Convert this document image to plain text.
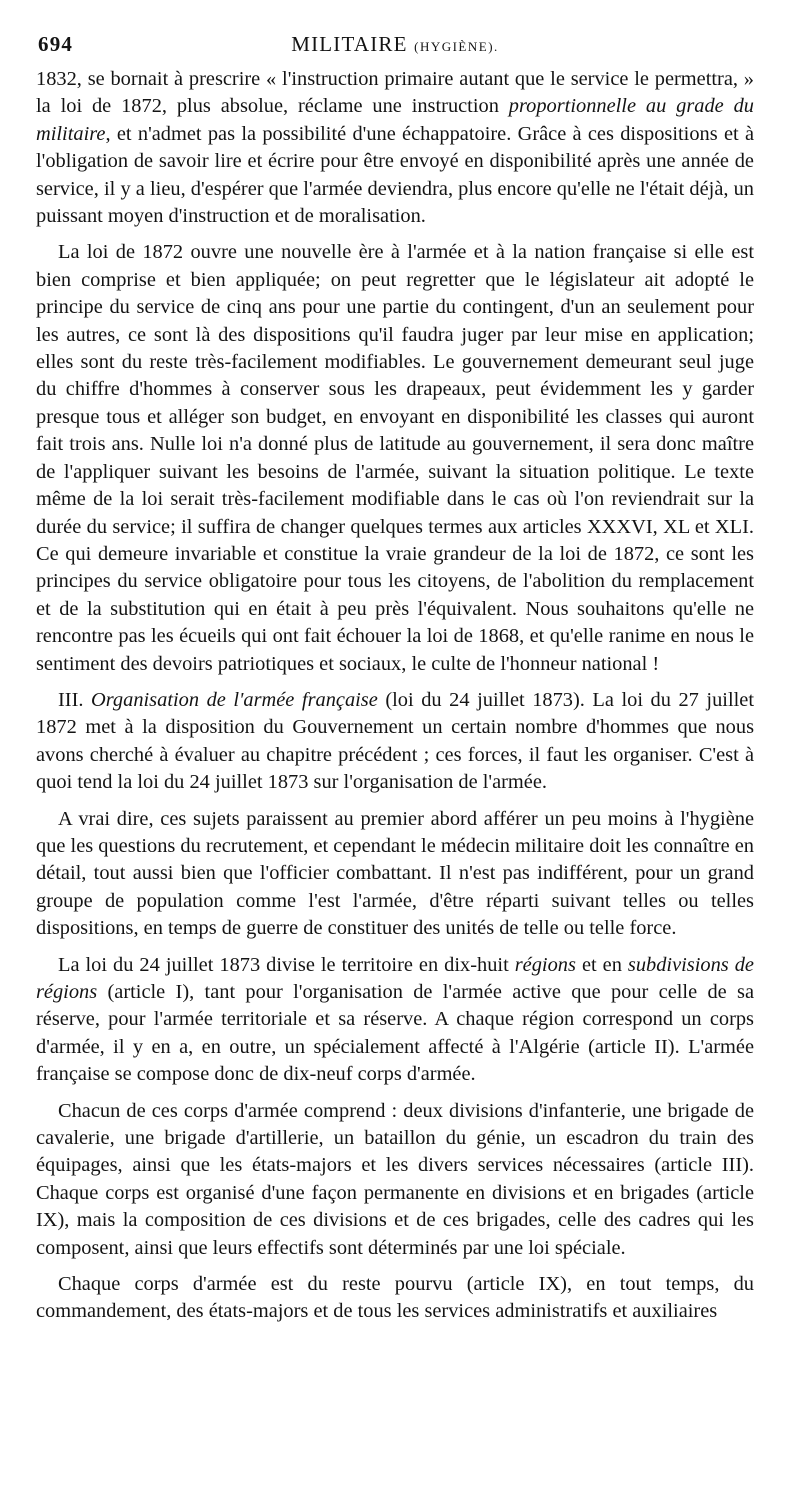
694	MILITAIRE (HYGIÈNE).

1832, se bornait à prescrire « l'instruction primaire autant que le service le permettra, » la loi de 1872, plus absolue, réclame une instruction proportionnelle au grade du militaire, et n'admet pas la possibilité d'une échappatoire. Grâce à ces dispositions et à l'obligation de savoir lire et écrire pour être envoyé en disponibilité après une année de service, il y a lieu, d'espérer que l'armée deviendra, plus encore qu'elle ne l'était déjà, un puissant moyen d'instruction et de moralisation.

La loi de 1872 ouvre une nouvelle ère à l'armée et à la nation française si elle est bien comprise et bien appliquée; on peut regretter que le législateur ait adopté le principe du service de cinq ans pour une partie du contingent, d'un an seulement pour les autres, ce sont là des dispositions qu'il faudra juger par leur mise en application; elles sont du reste très-facilement modifiables. Le gouvernement demeurant seul juge du chiffre d'hommes à conserver sous les drapeaux, peut évidemment les y garder presque tous et alléger son budget, en envoyant en disponibilité les classes qui auront fait trois ans. Nulle loi n'a donné plus de latitude au gouvernement, il sera donc maître de l'appliquer suivant les besoins de l'armée, suivant la situation politique. Le texte même de la loi serait très-facilement modifiable dans le cas où l'on reviendrait sur la durée du service; il suffira de changer quelques termes aux articles XXXVI, XL et XLI. Ce qui demeure invariable et constitue la vraie grandeur de la loi de 1872, ce sont les principes du service obligatoire pour tous les citoyens, de l'abolition du remplacement et de la substitution qui en était à peu près l'équivalent. Nous souhaitons qu'elle ne rencontre pas les écueils qui ont fait échouer la loi de 1868, et qu'elle ranime en nous le sentiment des devoirs patriotiques et sociaux, le culte de l'honneur national !

III. Organisation de l'armée française (loi du 24 juillet 1873). La loi du 27 juillet 1872 met à la disposition du Gouvernement un certain nombre d'hommes que nous avons cherché à évaluer au chapitre précédent ; ces forces, il faut les organiser. C'est à quoi tend la loi du 24 juillet 1873 sur l'organisation de l'armée.

A vrai dire, ces sujets paraissent au premier abord afférer un peu moins à l'hygiène que les questions du recrutement, et cependant le médecin militaire doit les connaître en détail, tout aussi bien que l'officier combattant. Il n'est pas indifférent, pour un grand groupe de population comme l'est l'armée, d'être réparti suivant telles ou telles dispositions, en temps de guerre de constituer des unités de telle ou telle force.

La loi du 24 juillet 1873 divise le territoire en dix-huit régions et en subdivisions de régions (article I), tant pour l'organisation de l'armée active que pour celle de sa réserve, pour l'armée territoriale et sa réserve. A chaque région correspond un corps d'armée, il y en a, en outre, un spécialement affecté à l'Algérie (article II). L'armée française se compose donc de dix-neuf corps d'armée.

Chacun de ces corps d'armée comprend : deux divisions d'infanterie, une brigade de cavalerie, une brigade d'artillerie, un bataillon du génie, un escadron du train des équipages, ainsi que les états-majors et les divers services nécessaires (article III). Chaque corps est organisé d'une façon permanente en divisions et en brigades (article IX), mais la composition de ces divisions et de ces brigades, celle des cadres qui les composent, ainsi que leurs effectifs sont déterminés par une loi spéciale.

Chaque corps d'armée est du reste pourvu (article IX), en tout temps, du commandement, des états-majors et de tous les services administratifs et auxiliaires
